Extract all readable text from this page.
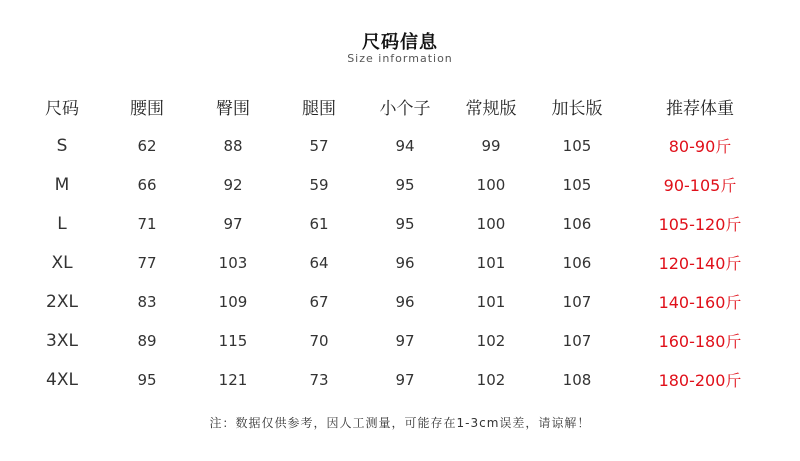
尺码信息
Size information
尺码	腰围	臀围	腿围	小个子	常规版	加长版	推荐体重
S	62	88	57	94	99	105	80-90斤
M	66	92	59	95	100	105	90-105斤
L	71	97	61	95	100	106	105-120斤
XL	77	103	64	96	101	106	120-140斤
2XL	83	109	67	96	101	107	140-160斤
3XL	89	115	70	97	102	107	160-180斤
4XL	95	121	73	97	102	108	180-200斤
注：数据仅供参考，因人工测量，可能存在1-3cm误差，请谅解！
